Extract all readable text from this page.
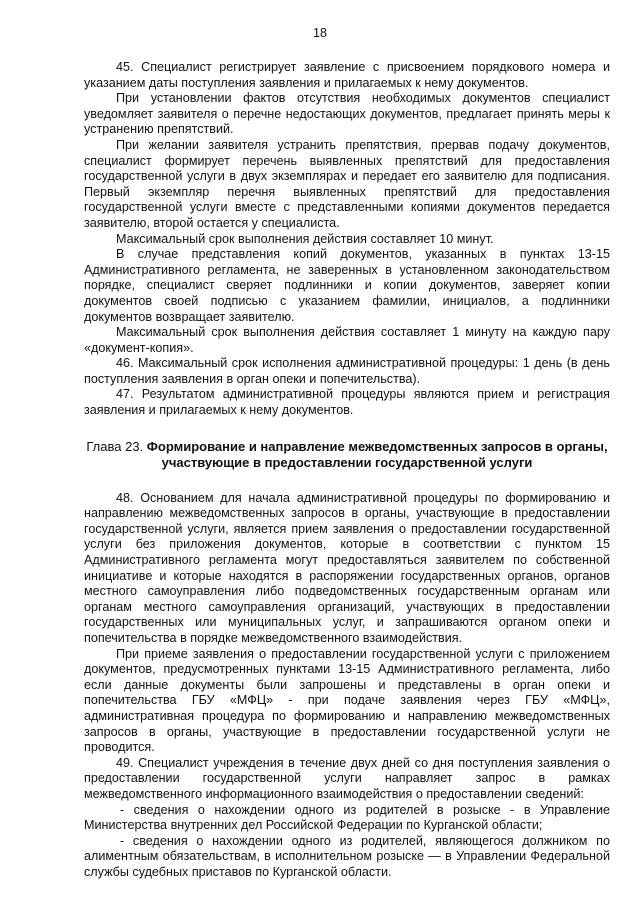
18

45. Специалист регистрирует заявление с присвоением порядкового номера и указанием даты поступления заявления и прилагаемых к нему документов.

При установлении фактов отсутствия необходимых документов специалист уведомляет заявителя о перечне недостающих документов, предлагает принять меры к устранению препятствий.

При желании заявителя устранить препятствия, прервав подачу документов, специалист формирует перечень выявленных препятствий для предоставления государственной услуги в двух экземплярах и передает его заявителю для подписания. Первый экземпляр перечня выявленных препятствий для предоставления государственной услуги вместе с представленными копиями документов передается заявителю, второй остается у специалиста.

Максимальный срок выполнения действия составляет 10 минут.

В случае представления копий документов, указанных в пунктах 13-15 Административного регламента, не заверенных в установленном законодательством порядке, специалист сверяет подлинники и копии документов, заверяет копии документов своей подписью с указанием фамилии, инициалов, а подлинники документов возвращает заявителю.

Максимальный срок выполнения действия составляет 1 минуту на каждую пару «документ-копия».

46. Максимальный срок исполнения административной процедуры: 1 день (в день поступления заявления в орган опеки и попечительства).

47. Результатом административной процедуры являются прием и регистрация заявления и прилагаемых к нему документов.

Глава 23. Формирование и направление межведомственных запросов в органы, участвующие в предоставлении государственной услуги

48. Основанием для начала административной процедуры по формированию и направлению межведомственных запросов в органы, участвующие в предоставлении государственной услуги, является прием заявления о предоставлении государственной услуги без приложения документов, которые в соответствии с пунктом 15 Административного регламента могут предоставляться заявителем по собственной инициативе и которые находятся в распоряжении государственных органов, органов местного самоуправления либо подведомственных государственным органам или органам местного самоуправления организаций, участвующих в предоставлении государственных или муниципальных услуг, и запрашиваются органом опеки и попечительства в порядке межведомственного взаимодействия.

При приеме заявления о предоставлении государственной услуги с приложением документов, предусмотренных пунктами 13-15 Административного регламента, либо если данные документы были запрошены и представлены в орган опеки и попечительства ГБУ «МФЦ» - при подаче заявления через ГБУ «МФЦ», административная процедура по формированию и направлению межведомственных запросов в органы, участвующие в предоставлении государственной услуги не проводится.

49. Специалист учреждения в течение двух дней со дня поступления заявления о предоставлении государственной услуги направляет запрос в рамках межведомственного информационного взаимодействия о предоставлении сведений:

- сведения о нахождении одного из родителей в розыске - в Управление Министерства внутренних дел Российской Федерации по Курганской области;

- сведения о нахождении одного из родителей, являющегося должником по алиментным обязательствам, в исполнительном розыске — в Управлении Федеральной службы судебных приставов по Курганской области.
